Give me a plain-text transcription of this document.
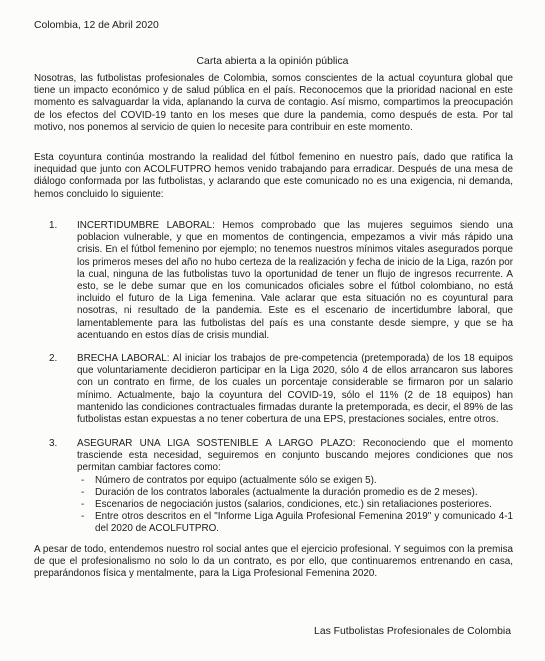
Colombia, 12 de Abril 2020
Carta abierta a la opinión pública

Nosotras, las futbolistas profesionales de Colombia, somos conscientes de la actual coyuntura global que tiene un impacto económico y de salud pública en el país. Reconocemos que la prioridad nacional en este momento es salvaguardar la vida, aplanando la curva de contagio. Así mismo, compartimos la preocupación de los efectos del COVID-19 tanto en los meses que dure la pandemia, como después de esta. Por tal motivo, nos ponemos al servicio de quien lo necesite para contribuir en este momento.

Esta coyuntura continúa mostrando la realidad del fútbol femenino en nuestro país, dado que ratifica la inequidad que junto con ACOLFUTPRO hemos venido trabajando para erradicar. Después de una mesa de diálogo conformada por las futbolistas, y aclarando que este comunicado no es una exigencia, ni demanda, hemos concluido lo siguiente:

1. INCERTIDUMBRE LABORAL: Hemos comprobado que las mujeres seguimos siendo una poblacion vulnerable, y que en momentos de contingencia, empezamos a vivir más rápido una crisis. En el fútbol femenino por ejemplo; no tenemos nuestros mínimos vitales asegurados porque los primeros meses del año no hubo certeza de la realización y fecha de inicio de la Liga, razón por la cual, ninguna de las futbolistas tuvo la oportunidad de tener un flujo de ingresos recurrente. A esto, se le debe sumar que en los comunicados oficiales sobre el fútbol colombiano, no está incluido el futuro de la Liga femenina. Vale aclarar que esta situación no es coyuntural para nosotras, ni resultado de la pandemia. Este es el escenario de incertidumbre laboral, que lamentablemente para las futbolistas del país es una constante desde siempre, y que se ha acentuando en estos días de crisis mundial.
2. BRECHA LABORAL: Al iniciar los trabajos de pre-competencia (pretemporada) de los 18 equipos que voluntariamente decidieron participar en la Liga 2020, sólo 4 de ellos arrancaron sus labores con un contrato en firme, de los cuales un porcentaje considerable se firmaron por un salario mínimo. Actualmente, bajo la coyuntura del COVID-19, sólo el 11% (2 de 18 equipos) han mantenido las condiciones contractuales firmadas durante la pretemporada, es decir, el 89% de las futbolistas estan expuestas a no tener cobertura de una EPS, prestaciones sociales, entre otros.
3. ASEGURAR UNA LIGA SOSTENIBLE A LARGO PLAZO: Reconociendo que el momento trasciende esta necesidad, seguiremos en conjunto buscando mejores condiciones que nos permitan cambiar factores como:
- Número de contratos por equipo (actualmente sólo se exigen 5).
- Duración de los contratos laborales (actualmente la duración promedio es de 2 meses).
- Escenarios de negociación justos (salarios, condiciones, etc.) sin retaliaciones posteriores.
- Entre otros descritos en el "Informe Liga Aguila Profesional Femenina 2019" y comunicado 4-1 del 2020 de ACOLFUTPRO.

A pesar de todo, entendemos nuestro rol social antes que el ejercicio profesional. Y seguimos con la premisa de que el profesionalismo no solo lo da un contrato, es por ello, que continuaremos entrenando en casa, preparándonos física y mentalmente, para la Liga Profesional Femenina 2020.

Las Futbolistas Profesionales de Colombia
